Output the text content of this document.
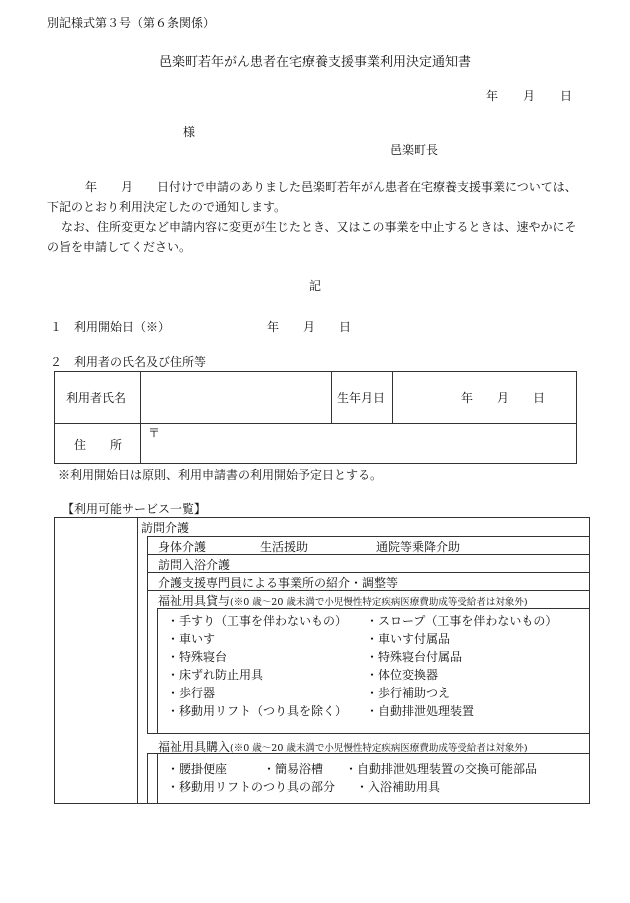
別記様式第３号（第６条関係）
邑楽町若年がん患者在宅療養支援事業利用決定通知書
年 月 日
様
邑楽町長
年　　月　　日付けで申請のありました邑楽町若年がん患者在宅療養支援事業については、
下記のとおり利用決定したので通知します。
なお、住所変更など申請内容に変更が生じたとき、又はこの事業を中止するときは、速やかにそ
の旨を申請してください。
記
１　利用開始日（※）	年　　月　　日
２　利用者の氏名及び住所等
利用者氏名	生年月日	年　　月　　日
住　　所
〒
※利用開始日は原則、利用申請書の利用開始予定日とする。
【利用可能サービス一覧】
訪問介護
身体介護	生活援助	通院等乗降介助
訪問入浴介護
介護支援専門員による事業所の紹介・調整等
福祉用具貸与(※0 歳～20 歳未満で小児慢性特定疾病医療費助成等受給者は対象外)
・手すり（工事を伴わないもの）
・車いす
・特殊寝台
・床ずれ防止用具
・歩行器
・移動用リフト（つり具を除く）
・スロープ（工事を伴わないもの）
・車いす付属品
・特殊寝台付属品
・体位変換器
・歩行補助つえ
・自動排泄処理装置
福祉用具購入(※0 歳～20 歳未満で小児慢性特定疾病医療費助成等受給者は対象外)
・腰掛便座	・簡易浴槽 ・自動排泄処理装置の交換可能部品
・移動用リフトのつり具の部分 ・入浴補助用具
